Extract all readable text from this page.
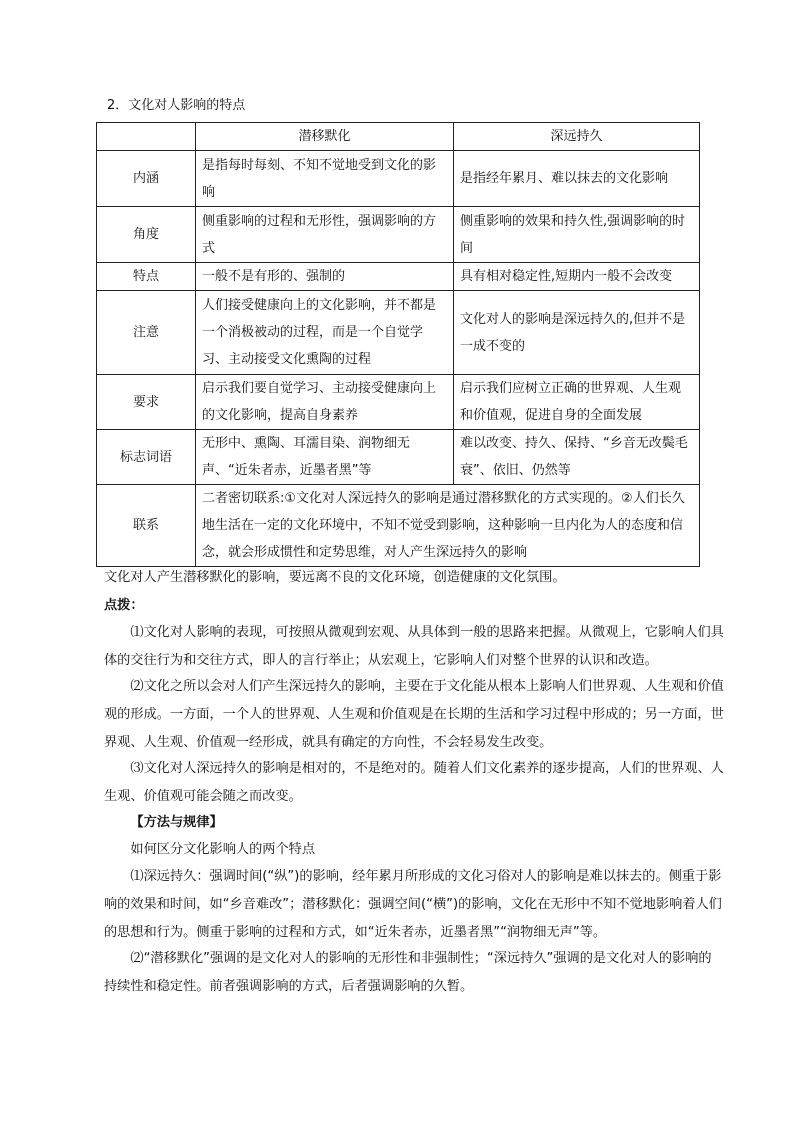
2．文化对人影响的特点
	潜移默化	深远持久
内涵	是指每时每刻、不知不觉地受到文化的影响	是指经年累月、难以抹去的文化影响
角度	侧重影响的过程和无形性，强调影响的方式	侧重影响的效果和持久性,强调影响的时间
特点	一般不是有形的、强制的	具有相对稳定性,短期内一般不会改变
注意	人们接受健康向上的文化影响，并不都是一个消极被动的过程，而是一个自觉学习、主动接受文化熏陶的过程	文化对人的影响是深远持久的,但并不是一成不变的
要求	启示我们要自觉学习、主动接受健康向上的文化影响，提高自身素养	启示我们应树立正确的世界观、人生观和价值观，促进自身的全面发展
标志词语	无形中、熏陶、耳濡目染、润物细无声、“近朱者赤，近墨者黑”等	难以改变、持久、保持、“乡音无改鬓毛衰”、依旧、仍然等
联系	二者密切联系:①文化对人深远持久的影响是通过潜移默化的方式实现的。②人们长久地生活在一定的文化环境中，不知不觉受到影响，这种影响一旦内化为人的态度和信念，就会形成惯性和定势思维，对人产生深远持久的影响	
文化对人产生潜移默化的影响，要远离不良的文化环境，创造健康的文化氛围。
点拨：
⑴文化对人影响的表现，可按照从微观到宏观、从具体到一般的思路来把握。从微观上，它影响人们具体的交往行为和交往方式，即人的言行举止；从宏观上，它影响人们对整个世界的认识和改造。
⑵文化之所以会对人们产生深远持久的影响，主要在于文化能从根本上影响人们世界观、人生观和价值观的形成。一方面，一个人的世界观、人生观和价值观是在长期的生活和学习过程中形成的；另一方面，世界观、人生观、价值观一经形成，就具有确定的方向性，不会轻易发生改变。
⑶文化对人深远持久的影响是相对的，不是绝对的。随着人们文化素养的逐步提高，人们的世界观、人生观、价值观可能会随之而改变。
【方法与规律】
如何区分文化影响人的两个特点
⑴深远持久：强调时间(“纵”)的影响，经年累月所形成的文化习俗对人的影响是难以抹去的。侧重于影响的效果和时间，如“乡音难改”；潜移默化：强调空间(“横”)的影响，文化在无形中不知不觉地影响着人们的思想和行为。侧重于影响的过程和方式，如“近朱者赤，近墨者黑”“润物细无声”等。
⑵“潜移默化”强调的是文化对人的影响的无形性和非强制性；“深远持久”强调的是文化对人的影响的持续性和稳定性。前者强调影响的方式，后者强调影响的久暂。
